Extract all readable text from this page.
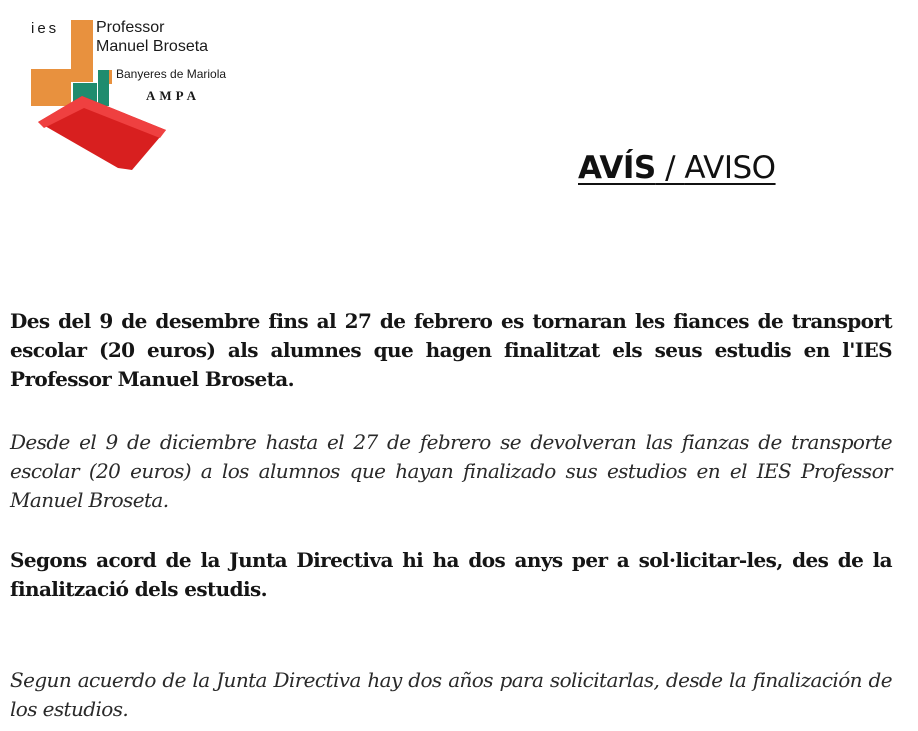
ies Professor
Manuel Broseta
Banyeres de Mariola
AMPA
AVÍS / AVISO

Des del 9 de desembre fins al 27 de febrero es tornaran les fiances de transport escolar (20 euros) als alumnes que hagen finalitzat els seus estudis en l'IES Professor Manuel Broseta.

Desde el 9 de diciembre hasta el 27 de febrero se devolveran las fianzas de transporte escolar (20 euros) a los alumnos que hayan finalizado sus estudios en el IES Professor Manuel Broseta.

Segons acord de la Junta Directiva hi ha dos anys per a sol·licitar-les, des de la finalització dels estudis.

Segun acuerdo de la Junta Directiva hay dos años para solicitarlas, desde la finalización de los estudios.
